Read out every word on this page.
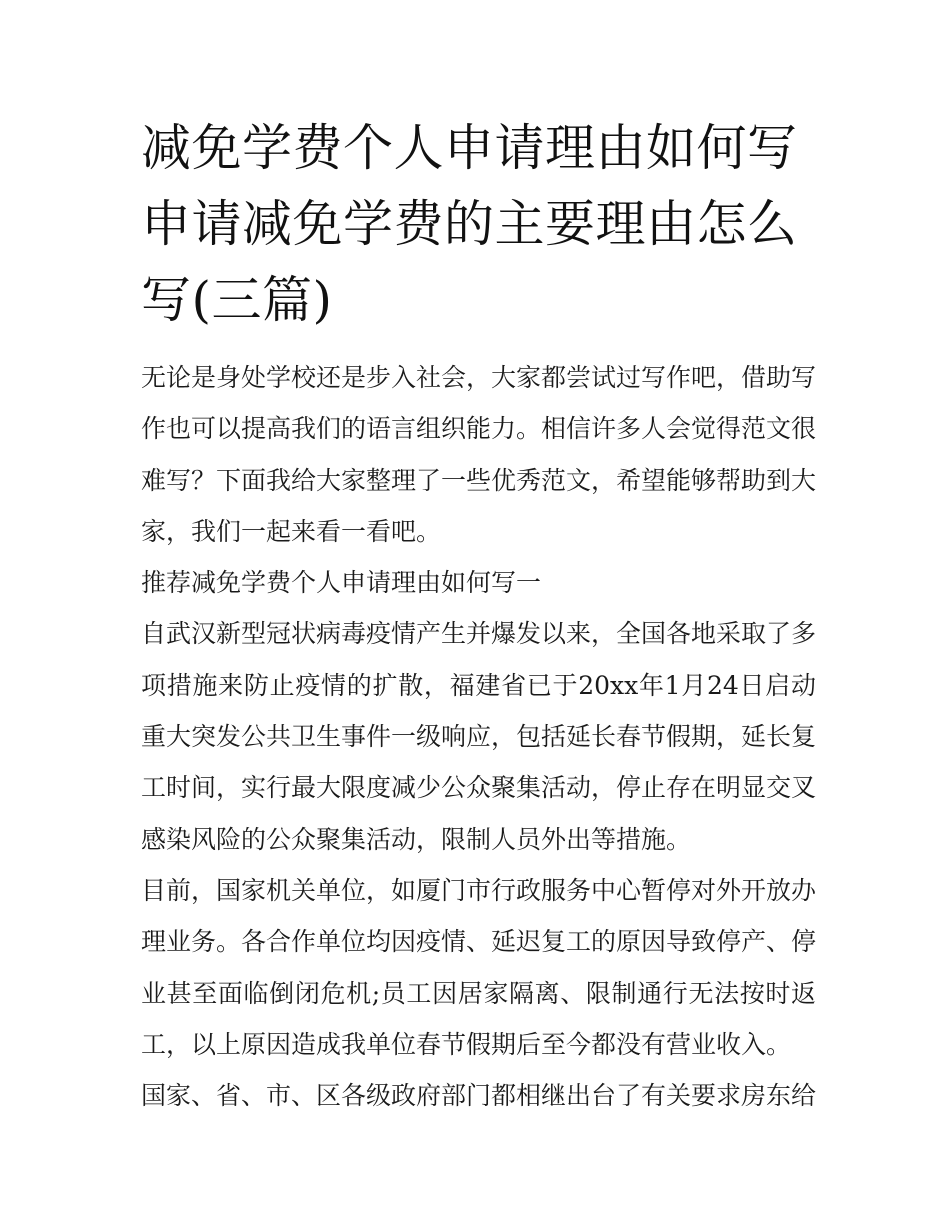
减免学费个人申请理由如何写申请减免学费的主要理由怎么写(三篇)

无论是身处学校还是步入社会，大家都尝试过写作吧，借助写作也可以提高我们的语言组织能力。相信许多人会觉得范文很难写？下面我给大家整理了一些优秀范文，希望能够帮助到大家，我们一起来看一看吧。

推荐减免学费个人申请理由如何写一

自武汉新型冠状病毒疫情产生并爆发以来，全国各地采取了多项措施来防止疫情的扩散，福建省已于20xx年1月24日启动重大突发公共卫生事件一级响应，包括延长春节假期，延长复工时间，实行最大限度减少公众聚集活动，停止存在明显交叉感染风险的公众聚集活动，限制人员外出等措施。

目前，国家机关单位，如厦门市行政服务中心暂停对外开放办理业务。各合作单位均因疫情、延迟复工的原因导致停产、停业甚至面临倒闭危机;员工因居家隔离、限制通行无法按时返工，以上原因造成我单位春节假期后至今都没有营业收入。

国家、省、市、区各级政府部门都相继出台了有关要求房东给
